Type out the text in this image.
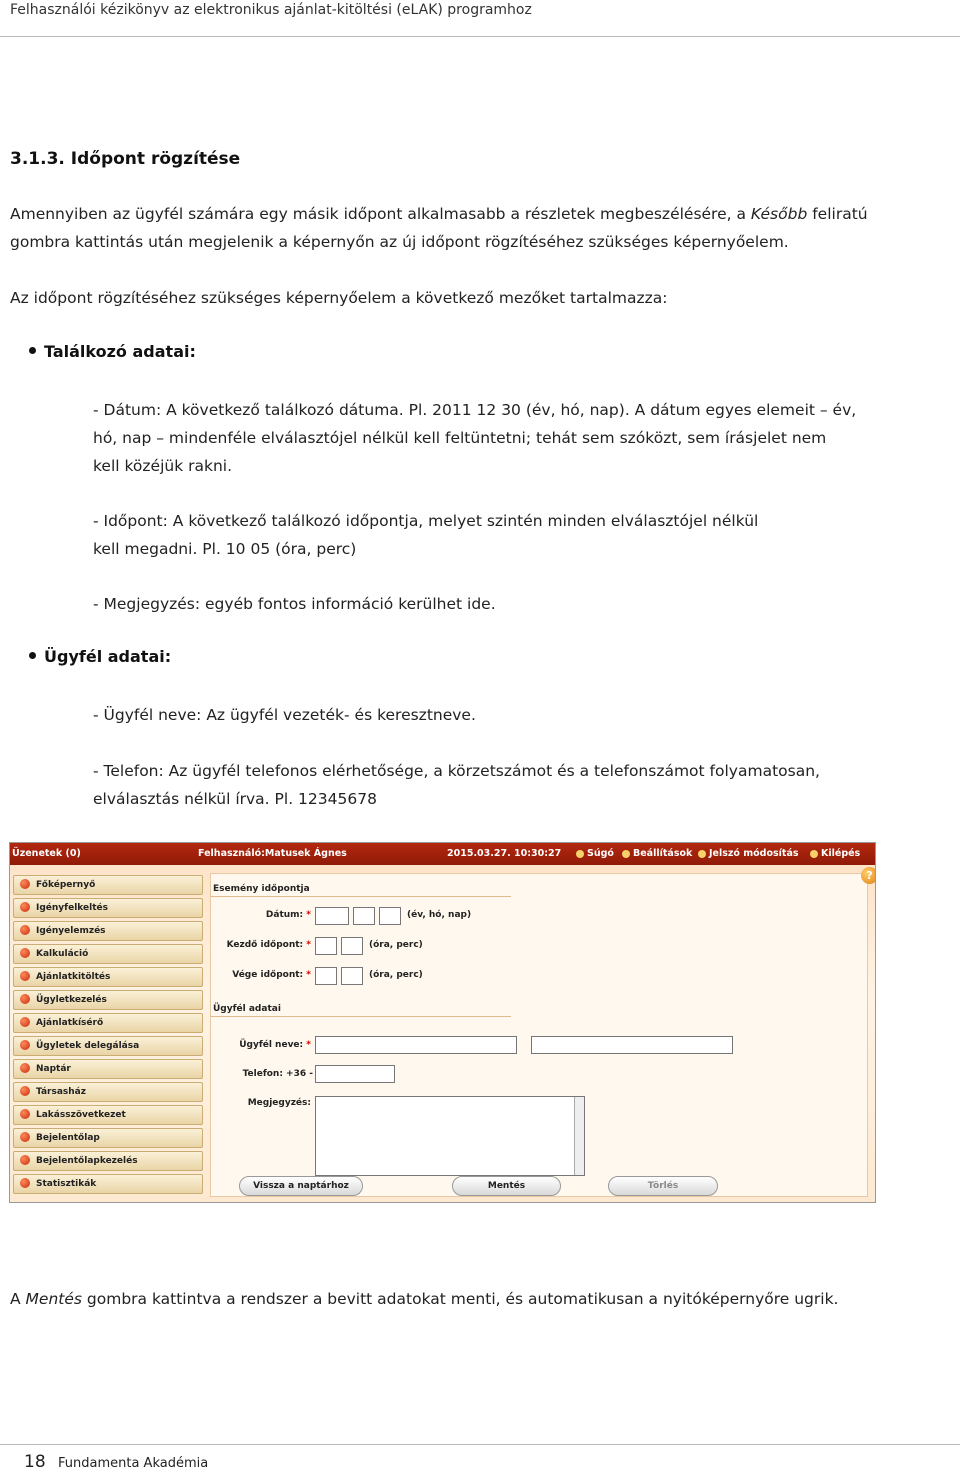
Felhasználói kézikönyv az elektronikus ajánlat-kitöltési (eLAK) programhoz
3.1.3. Időpont rögzítése
Amennyiben az ügyfél számára egy másik időpont alkalmasabb a részletek megbeszélésére, a Később feliratú
gombra kattintás után megjelenik a képernyőn az új időpont rögzítéséhez szükséges képernyőelem.
Az időpont rögzítéséhez szükséges képernyőelem a következő mezőket tartalmazza:
Találkozó adatai:
- Dátum: A következő találkozó dátuma. Pl. 2011 12 30 (év, hó, nap). A dátum egyes elemeit – év,
hó, nap – mindenféle elválasztójel nélkül kell feltüntetni; tehát sem szóközt, sem írásjelet nem
kell közéjük rakni.
- Időpont: A következő találkozó időpontja, melyet szintén minden elválasztójel nélkül
kell megadni. Pl. 10 05 (óra, perc)
- Megjegyzés: egyéb fontos információ kerülhet ide.
Ügyfél adatai:
- Ügyfél neve: Az ügyfél vezeték- és keresztneve.
- Telefon: Az ügyfél telefonos elérhetősége, a körzetszámot és a telefonszámot folyamatosan,
elválasztás nélkül írva. Pl. 12345678
Üzenetek (0)	Felhasználó:Matusek Ágnes	2015.03.27. 10:30:27	Súgó	Beállítások	Jelszó módosítás	Kilépés
Főképernyő
Igényfelkeltés
Igényelemzés
Kalkuláció
Ajánlatkitöltés
Ügyletkezelés
Ajánlatkísérő
Ügyletek delegálása
Naptár
Társasház
Lakásszövetkezet
Bejelentőlap
Bejelentőlapkezelés
Statisztikák
Esemény időpontja
Dátum: *	(év, hó, nap)
Kezdő időpont: *	(óra, perc)
Vége időpont: *	(óra, perc)
Ügyfél adatai
Ügyfél neve: *
Telefon: +36 -
Megjegyzés:
?
Vissza a naptárhoz	Mentés	Törlés
A Mentés gombra kattintva a rendszer a bevitt adatokat menti, és automatikusan a nyitóképernyőre ugrik.
18 Fundamenta Akadémia
